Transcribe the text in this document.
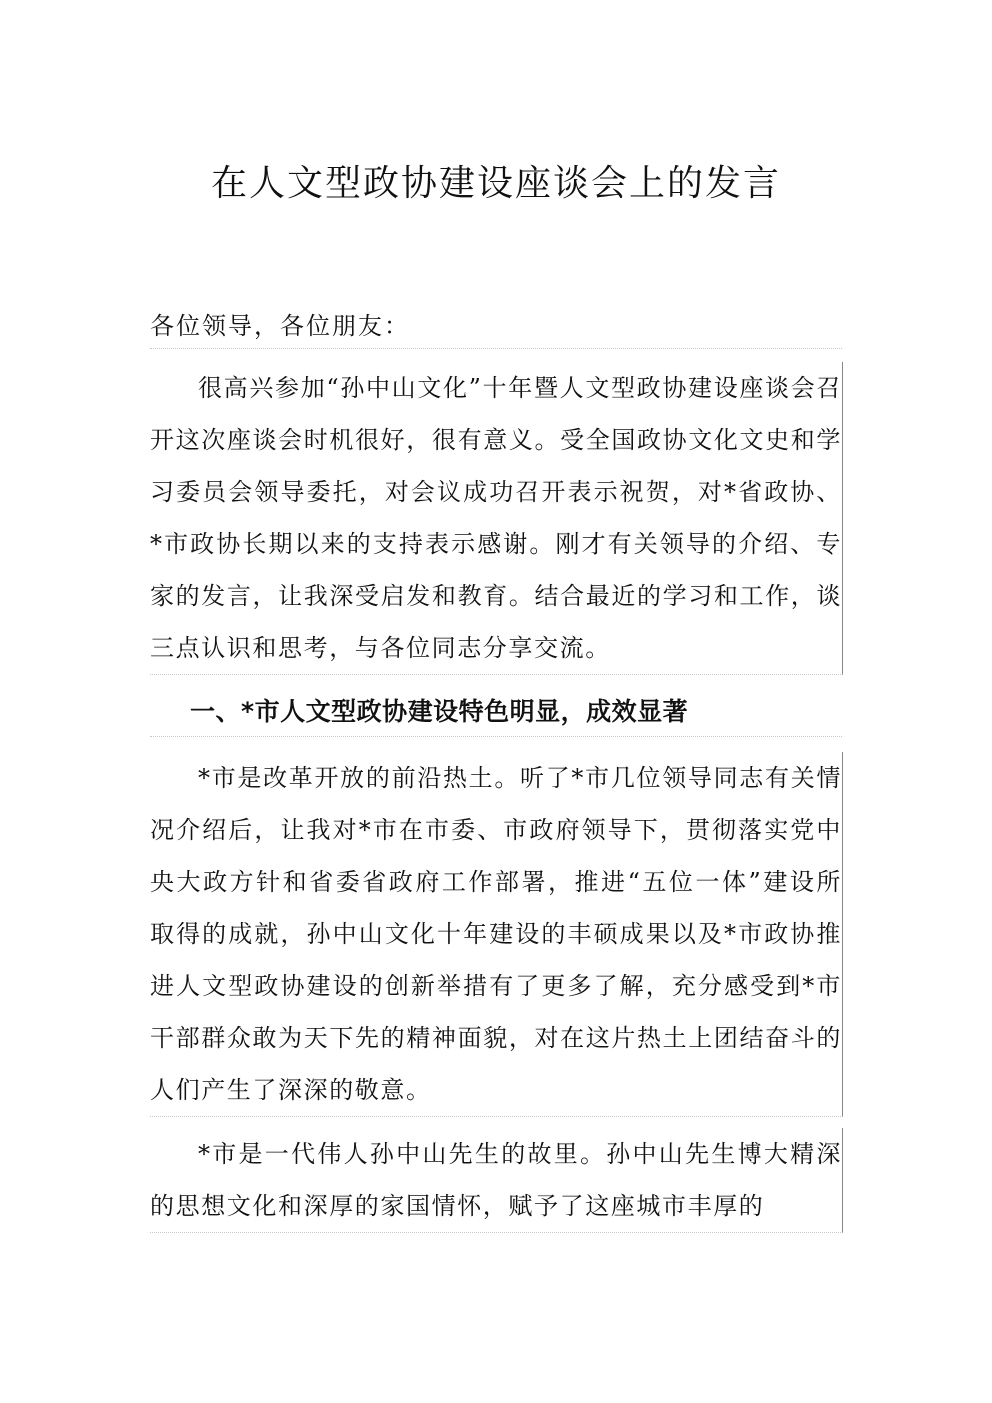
在人文型政协建设座谈会上的发言

各位领导，各位朋友：

很高兴参加“孙中山文化”十年暨人文型政协建设座谈会召开这次座谈会时机很好，很有意义。受全国政协文化文史和学习委员会领导委托，对会议成功召开表示祝贺，对*省政协、*市政协长期以来的支持表示感谢。刚才有关领导的介绍、专家的发言，让我深受启发和教育。结合最近的学习和工作，谈三点认识和思考，与各位同志分享交流。

一、*市人文型政协建设特色明显，成效显著

*市是改革开放的前沿热土。听了*市几位领导同志有关情况介绍后，让我对*市在市委、市政府领导下，贯彻落实党中央大政方针和省委省政府工作部署，推进“五位一体”建设所取得的成就，孙中山文化十年建设的丰硕成果以及*市政协推进人文型政协建设的创新举措有了更多了解，充分感受到*市干部群众敢为天下先的精神面貌，对在这片热土上团结奋斗的人们产生了深深的敬意。

*市是一代伟人孙中山先生的故里。孙中山先生博大精深的思想文化和深厚的家国情怀，赋予了这座城市丰厚的
